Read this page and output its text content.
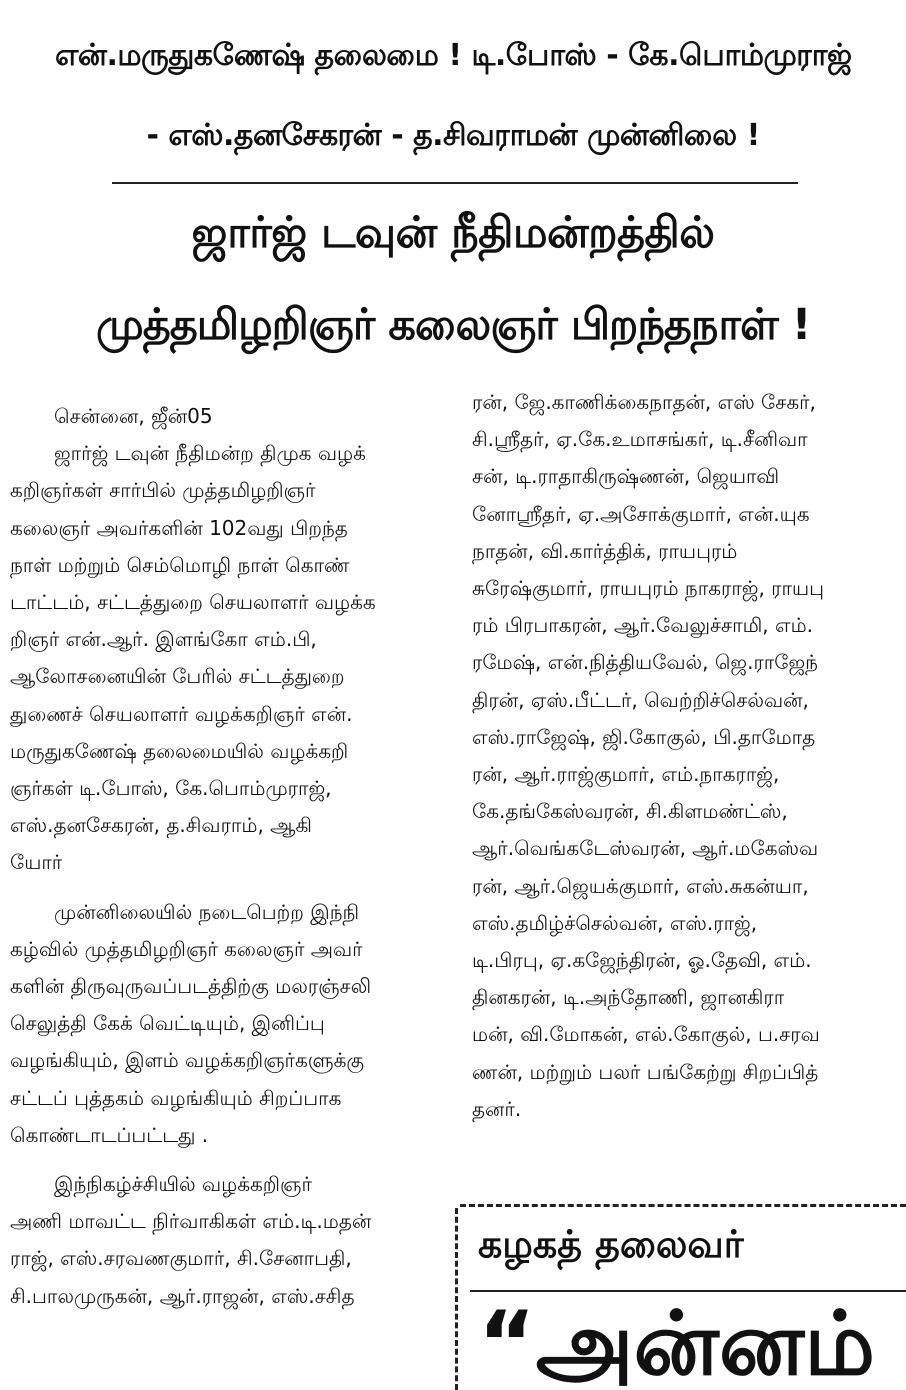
என்.மருதுகணேஷ் தலைமை ! டி.போஸ் - கே.பொம்முராஜ்
- எஸ்.தனசேகரன் - த.சிவராமன் முன்னிலை !
ஜார்ஜ் டவுன் நீதிமன்றத்தில்
முத்தமிழறிஞர் கலைஞர் பிறந்தநாள் !
சென்னை, ஜீன்05
ஜார்ஜ் டவுன் நீதிமன்ற திமுக வழக்
கறிஞர்கள் சார்பில் முத்தமிழறிஞர்
கலைஞர் அவர்களின் 102வது பிறந்த
நாள் மற்றும் செம்மொழி நாள் கொண்
டாட்டம், சட்டத்துறை செயலாளர் வழக்க
றிஞர் என்.ஆர். இளங்கோ எம்.பி,
ஆலோசனையின் பேரில் சட்டத்துறை
துணைச் செயலாளர் வழக்கறிஞர் என்.
மருதுகணேஷ் தலைமையில் வழக்கறி
ஞர்கள் டி.போஸ், கே.பொம்முராஜ்,
எஸ்.தனசேகரன், த.சிவராம், ஆகி
யோர்
முன்னிலையில் நடைபெற்ற இந்நி
கழ்வில் முத்தமிழறிஞர் கலைஞர் அவர்
களின் திருவுருவப்படத்திற்கு மலரஞ்சலி
செலுத்தி கேக் வெட்டியும், இனிப்பு
வழங்கியும், இளம் வழக்கறிஞர்களுக்கு
சட்டப் புத்தகம் வழங்கியும் சிறப்பாக
கொண்டாடப்பட்டது .
இந்நிகழ்ச்சியில் வழக்கறிஞர்
அணி மாவட்ட நிர்வாகிகள் எம்.டி.மதன்
ராஜ், எஸ்.சரவணகுமார், சி.சேனாபதி,
சி.பாலமுருகன், ஆர்.ராஜன், எஸ்.சசித
ரன், ஜே.காணிக்கைநாதன், எஸ் சேகர்,
சி.ஸ்ரீதர், ஏ.கே.உமாசங்கர், டி.சீனிவா
சன், டி.ராதாகிருஷ்ணன், ஜெயாவி
னோஸ்ரீதர், ஏ.அசோக்குமார், என்.யுக
நாதன், வி.கார்த்திக், ராயபுரம்
சுரேஷ்குமார், ராயபுரம் நாகராஜ், ராயபு
ரம் பிரபாகரன், ஆர்.வேலுச்சாமி, எம்.
ரமேஷ், என்.நித்தியவேல், ஜெ.ராஜேந்
திரன், ஏஸ்.பீட்டர், வெற்றிச்செல்வன்,
எஸ்.ராஜேஷ், ஜி.கோகுல், பி.தாமோத
ரன், ஆர்.ராஜ்குமார், எம்.நாகராஜ்,
கே.தங்கேஸ்வரன், சி.கிளமண்ட்ஸ்,
ஆர்.வெங்கடேஸ்வரன், ஆர்.மகேஸ்வ
ரன், ஆர்.ஜெயக்குமார், எஸ்.சுகன்யா,
எஸ்.தமிழ்ச்செல்வன், எஸ்.ராஜ்,
டி.பிரபு, ஏ.கஜேந்திரன், ஓ.தேவி, எம்.
தினகரன், டி.அந்தோணி, ஜானகிரா
மன், வி.மோகன், எல்.கோகுல், ப.சரவ
ணன், மற்றும் பலர் பங்கேற்று சிறப்பித்
தனர்.
கழகத் தலைவர்
“அன்னம்
